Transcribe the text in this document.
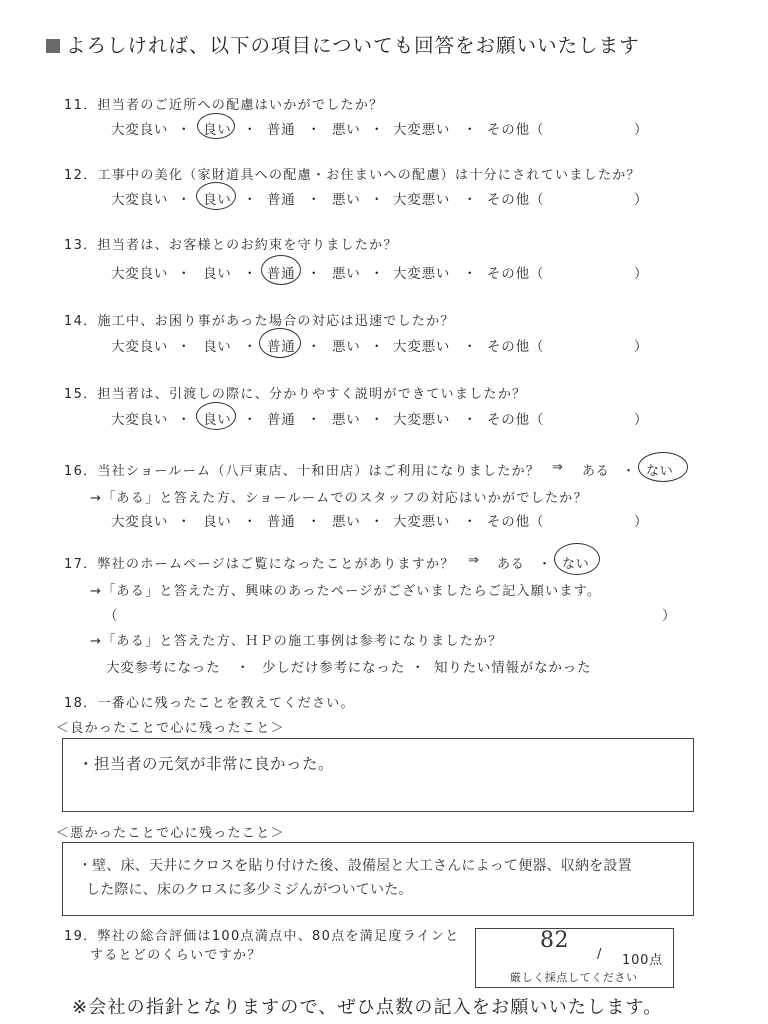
よろしければ、以下の項目についても回答をお願いいたします
11．担当者のご近所への配慮はいかがでしたか？
大変良い ・ 良い ・ 普通 ・ 悪い ・ 大変悪い ・ その他（	）
12．工事中の美化（家財道具への配慮・お住まいへの配慮）は十分にされていましたか？
大変良い ・ 良い ・ 普通 ・ 悪い ・ 大変悪い ・ その他（	）
13．担当者は、お客様とのお約束を守りましたか？
大変良い ・ 良い ・ 普通 ・ 悪い ・ 大変悪い ・ その他（	）
14．施工中、お困り事があった場合の対応は迅速でしたか？
大変良い ・ 良い ・ 普通 ・ 悪い ・ 大変悪い ・ その他（	）
15．担当者は、引渡しの際に、分かりやすく説明ができていましたか？
大変良い ・ 良い ・ 普通 ・ 悪い ・ 大変悪い ・ その他（	）
16．当社ショールーム（八戸東店、十和田店）はご利用になりましたか？ ⇒ ある ・ ない
→「ある」と答えた方、ショールームでのスタッフの対応はいかがでしたか？
大変良い ・ 良い ・ 普通 ・ 悪い ・ 大変悪い ・ その他（	）
17．弊社のホームページはご覧になったことがありますか？ ⇒ ある ・ ない
→「ある」と答えた方、興味のあったページがございましたらご記入願います。
（	）
→「ある」と答えた方、ＨＰの施工事例は参考になりましたか？
大変参考になった ・ 少しだけ参考になった ・ 知りたい情報がなかった
18．一番心に残ったことを教えてください。
＜良かったことで心に残ったこと＞
・担当者の元気が非常に良かった。
＜悪かったことで心に残ったこと＞
・壁、床、天井にクロスを貼り付けた後、設備屋と大工さんによって便器、収納を設置
した際に、床のクロスに多少ミジんがついていた。
19．弊社の総合評価は100点満点中、80点を満足度ラインと
するとどのくらいですか？
82
/ 100点
厳しく採点してください
※会社の指針となりますので、ぜひ点数の記入をお願いいたします。
